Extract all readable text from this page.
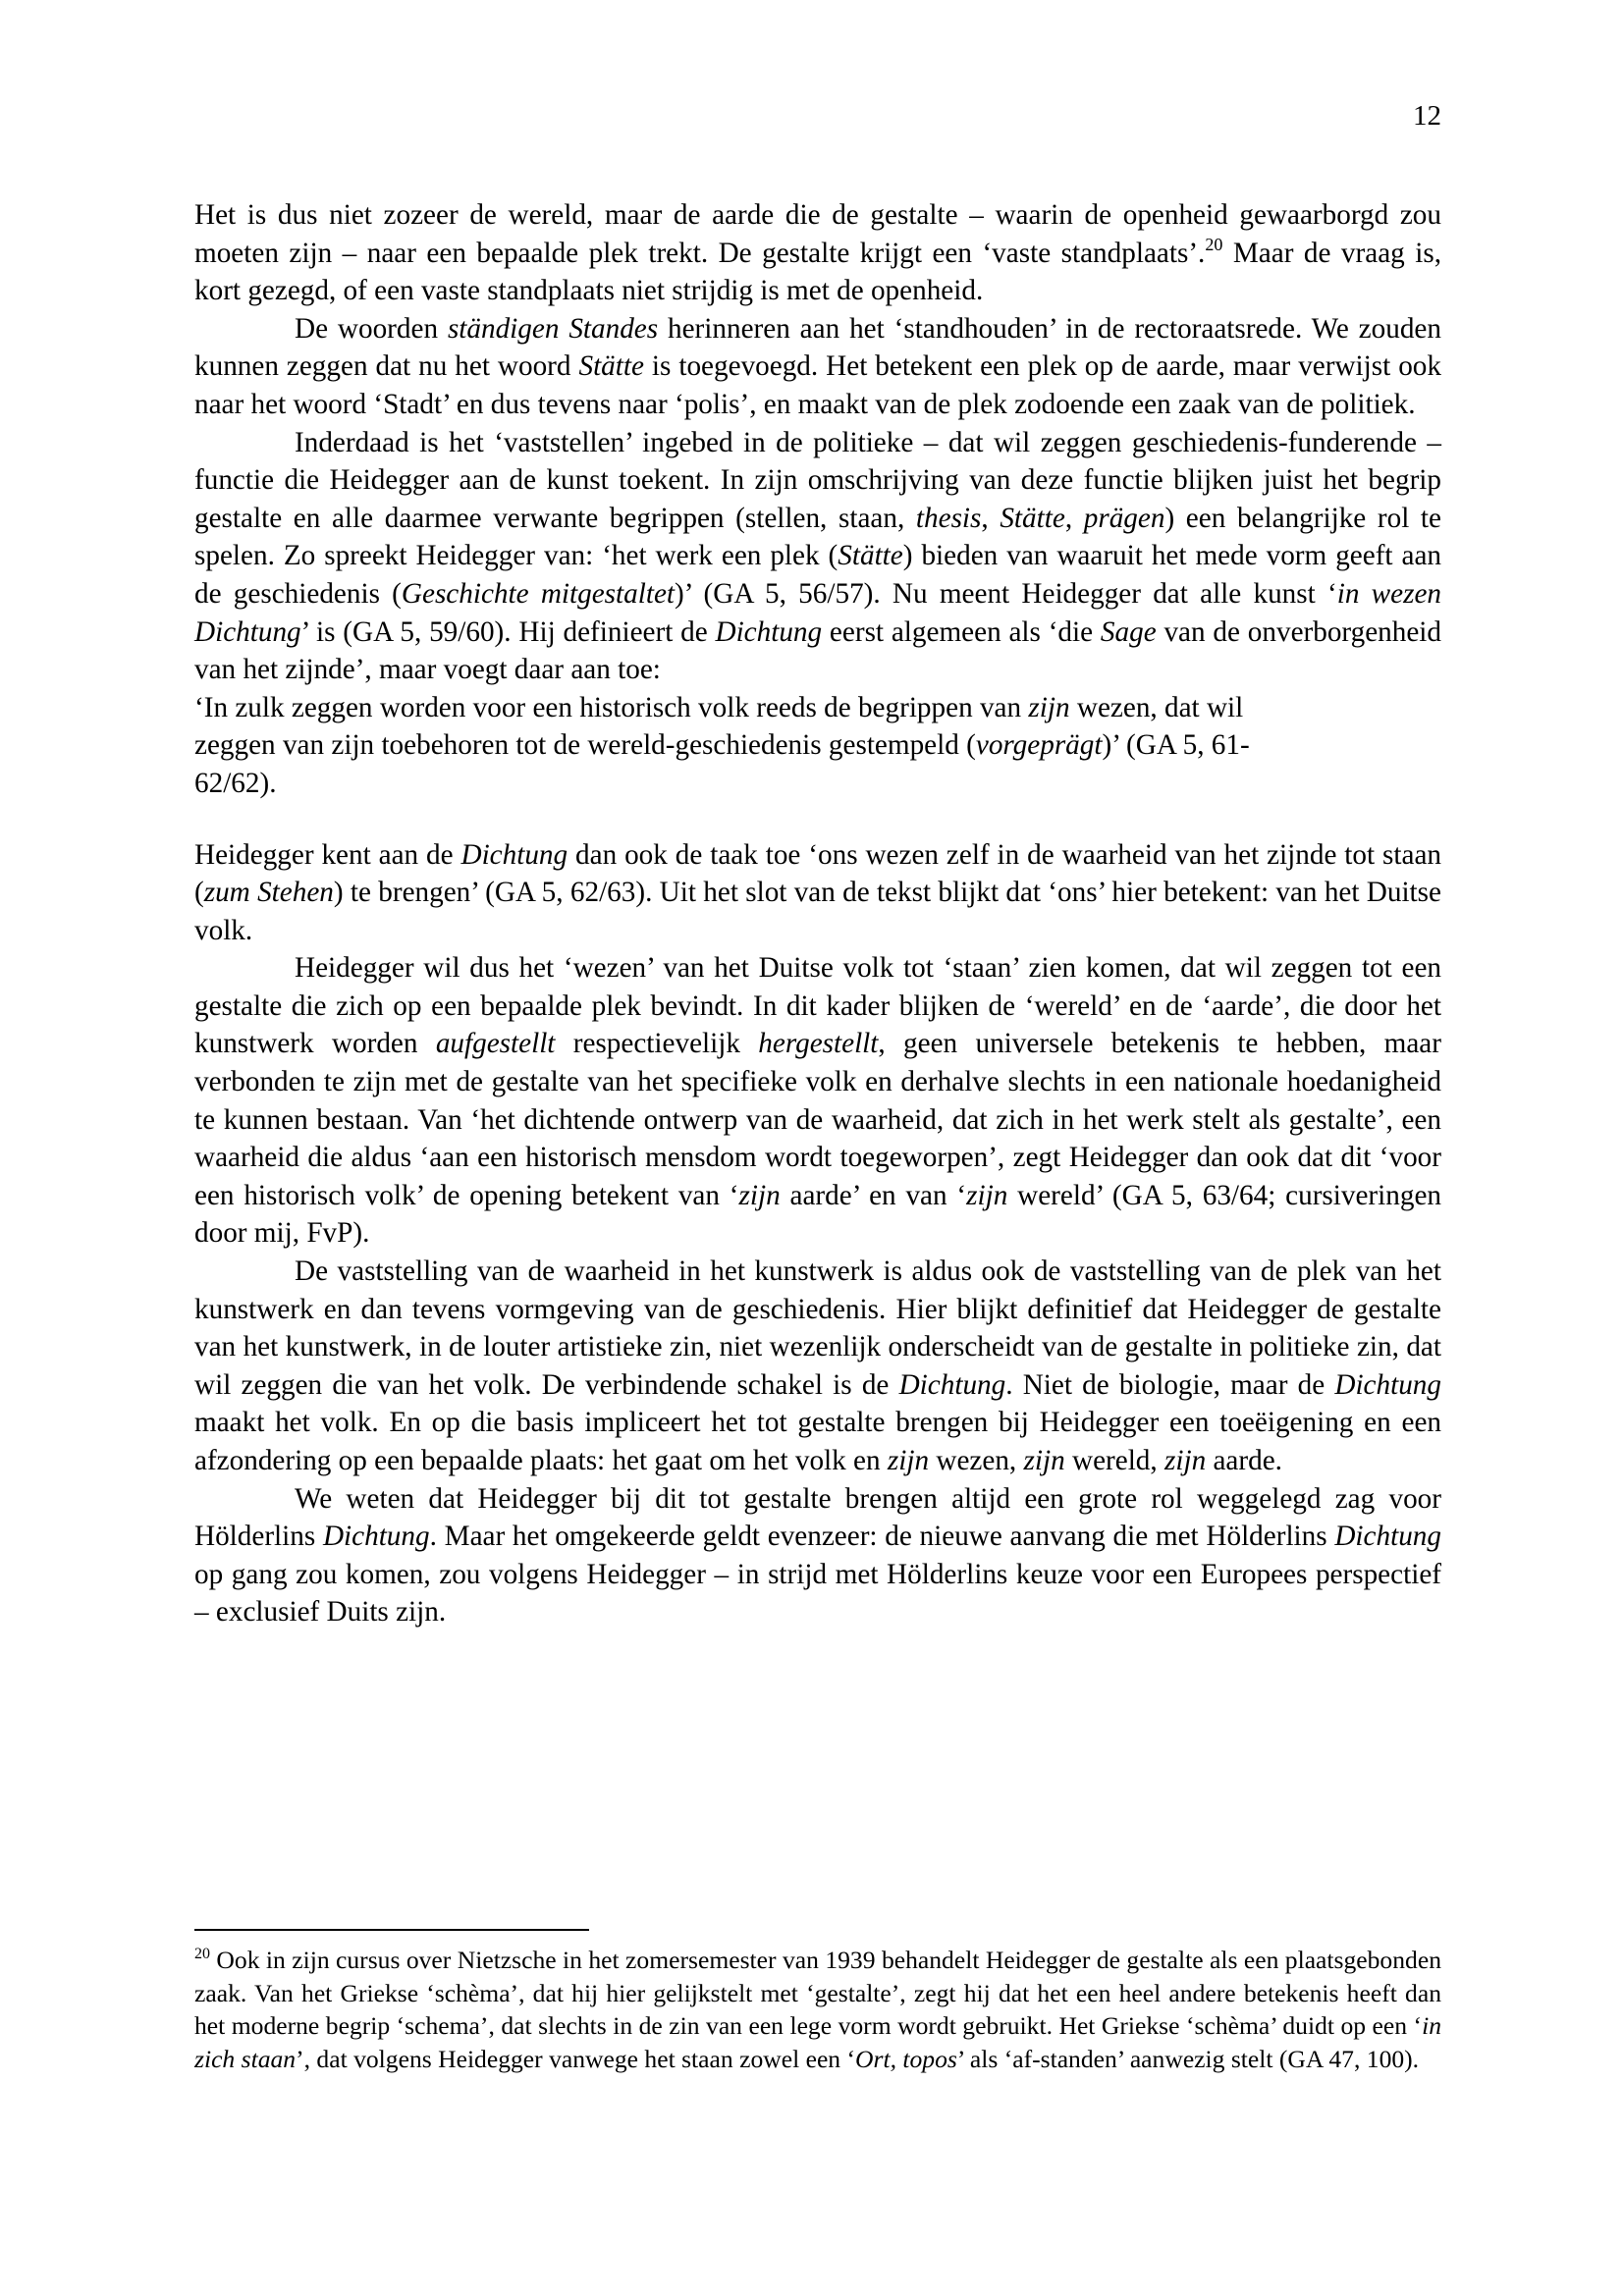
12

Het is dus niet zozeer de wereld, maar de aarde die de gestalte – waarin de openheid gewaarborgd zou moeten zijn – naar een bepaalde plek trekt. De gestalte krijgt een ‘vaste standplaats’.$^{20}$ Maar de vraag is, kort gezegd, of een vaste standplaats niet strijdig is met de openheid.

De woorden ständigen Standes herinneren aan het ‘standhouden’ in de rectoraatsrede. We zouden kunnen zeggen dat nu het woord Stätte is toegevoegd. Het betekent een plek op de aarde, maar verwijst ook naar het woord ‘Stadt’ en dus tevens naar ‘polis’, en maakt van de plek zodoende een zaak van de politiek.

Inderdaad is het ‘vaststellen’ ingebed in de politieke – dat wil zeggen geschiedenis-funderende – functie die Heidegger aan de kunst toekent. In zijn omschrijving van deze functie blijken juist het begrip gestalte en alle daarmee verwante begrippen (stellen, staan, thesis, Stätte, prägen) een belangrijke rol te spelen. Zo spreekt Heidegger van: ‘het werk een plek (Stätte) bieden van waaruit het mede vorm geeft aan de geschiedenis (Geschichte mitgestaltet)’ (GA 5, 56/57). Nu meent Heidegger dat alle kunst ‘in wezen Dichtung’ is (GA 5, 59/60). Hij definieert de Dichtung eerst algemeen als ‘die Sage van de onverborgenheid van het zijnde’, maar voegt daar aan toe:

‘In zulk zeggen worden voor een historisch volk reeds de begrippen van zijn wezen, dat wil zeggen van zijn toebehoren tot de wereld-geschiedenis gestempeld (vorgeprägt)’ (GA 5, 61-62/62).

Heidegger kent aan de Dichtung dan ook de taak toe ‘ons wezen zelf in de waarheid van het zijnde tot staan (zum Stehen) te brengen’ (GA 5, 62/63). Uit het slot van de tekst blijkt dat ‘ons’ hier betekent: van het Duitse volk.

Heidegger wil dus het ‘wezen’ van het Duitse volk tot ‘staan’ zien komen, dat wil zeggen tot een gestalte die zich op een bepaalde plek bevindt. In dit kader blijken de ‘wereld’ en de ‘aarde’, die door het kunstwerk worden aufgestellt respectievelijk hergestellt, geen universele betekenis te hebben, maar verbonden te zijn met de gestalte van het specifieke volk en derhalve slechts in een nationale hoedanigheid te kunnen bestaan. Van ‘het dichtende ontwerp van de waarheid, dat zich in het werk stelt als gestalte’, een waarheid die aldus ‘aan een historisch mensdom wordt toegeworpen’, zegt Heidegger dan ook dat dit ‘voor een historisch volk’ de opening betekent van ‘zijn aarde’ en van ‘zijn wereld’ (GA 5, 63/64; cursiveringen door mij, FvP).

De vaststelling van de waarheid in het kunstwerk is aldus ook de vaststelling van de plek van het kunstwerk en dan tevens vormgeving van de geschiedenis. Hier blijkt definitief dat Heidegger de gestalte van het kunstwerk, in de louter artistieke zin, niet wezenlijk onderscheidt van de gestalte in politieke zin, dat wil zeggen die van het volk. De verbindende schakel is de Dichtung. Niet de biologie, maar de Dichtung maakt het volk. En op die basis impliceert het tot gestalte brengen bij Heidegger een toeëigening en een afzondering op een bepaalde plaats: het gaat om het volk en zijn wezen, zijn wereld, zijn aarde.

We weten dat Heidegger bij dit tot gestalte brengen altijd een grote rol weggelegd zag voor Hölderlins Dichtung. Maar het omgekeerde geldt evenzeer: de nieuwe aanvang die met Hölderlins Dichtung op gang zou komen, zou volgens Heidegger – in strijd met Hölderlins keuze voor een Europees perspectief – exclusief Duits zijn.

$^{20}$ Ook in zijn cursus over Nietzsche in het zomersemester van 1939 behandelt Heidegger de gestalte als een plaatsgebonden zaak. Van het Griekse ‘schèma’, dat hij hier gelijkstelt met ‘gestalte’, zegt hij dat het een heel andere betekenis heeft dan het moderne begrip ‘schema’, dat slechts in de zin van een lege vorm wordt gebruikt. Het Griekse ‘schèma’ duidt op een ‘in zich staan’, dat volgens Heidegger vanwege het staan zowel een ‘Ort, topos’ als ‘af-standen’ aanwezig stelt (GA 47, 100).
